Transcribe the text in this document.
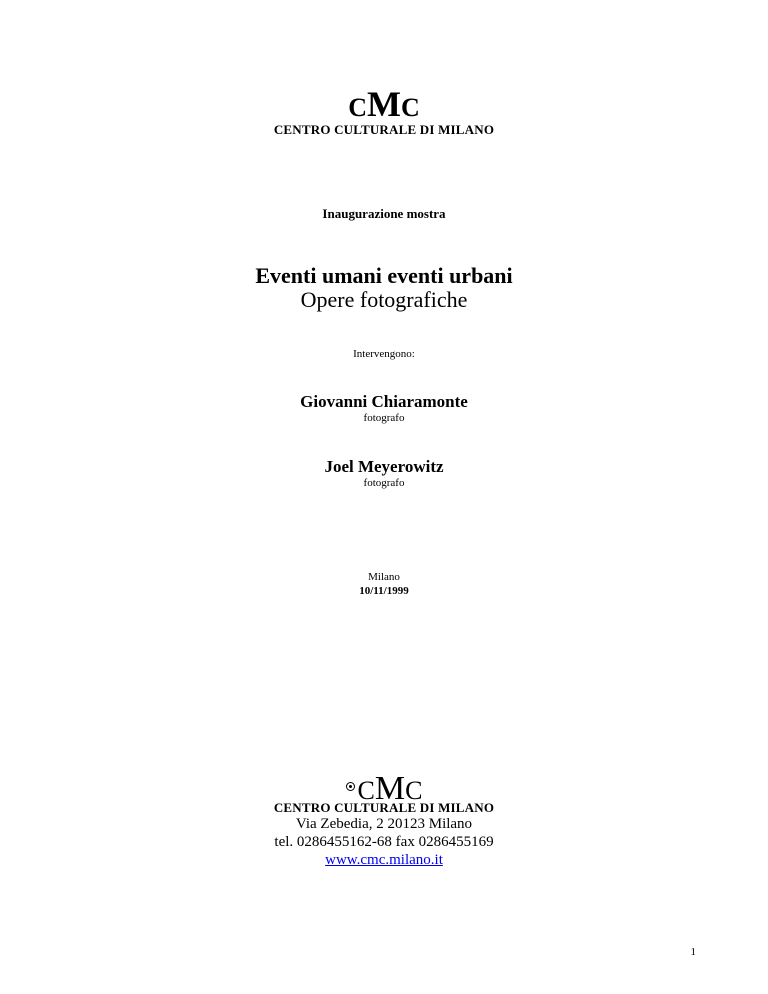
CMC
CENTRO CULTURALE DI MILANO
Inaugurazione mostra
Eventi umani eventi urbani
Opere fotografiche
Intervengono:
Giovanni Chiaramonte
fotografo
Joel Meyerowitz
fotografo
Milano
10/11/1999
CMC
CENTRO CULTURALE DI MILANO
Via Zebedia, 2 20123 Milano
tel. 0286455162-68 fax 0286455169
www.cmc.milano.it
1
